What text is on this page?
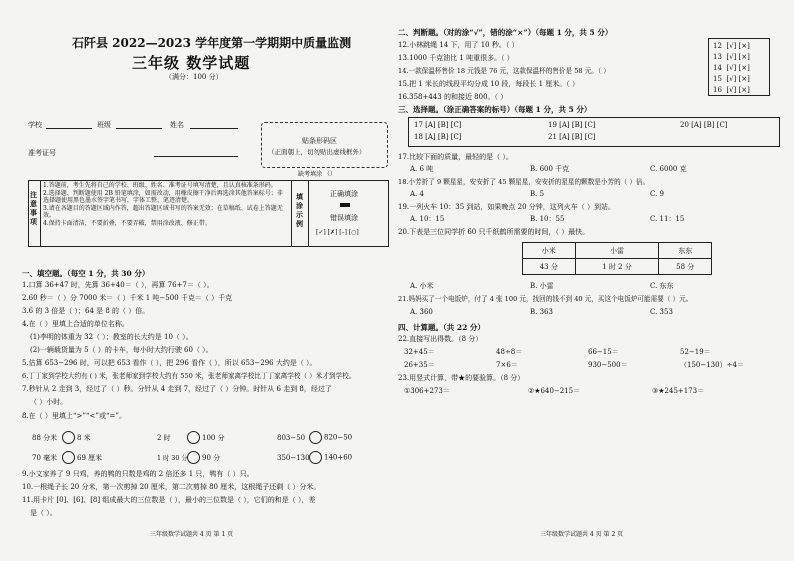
石阡县 2022—2023 学年度第一学期期中质量监测
三年级 数学试题
（满分：100 分）
学校	班级	姓名
准考证号
贴条形码区
（正面朝上，切勿贴出虚线框外）
缺考填涂 （）
注意事项
1.答题前，考生先将自己的学校、班级、姓名、准考证号填写清楚，且认真核准条形码。
2.选择题、判断题使用 2B 铅笔填涂，如需改动，用橡皮擦干净后再选涂其他答案标号；非选择题使用黑色墨水签字笔书写，字体工整、笔迹清楚。
3.请在各题目的答题区域内作答，超出答题区域书写的答案无效；在草稿纸、试卷上答题无效。
4.保持卡面清洁，不要折叠，不要弄破，禁用涂改液、修正带。
填涂示例
正确填涂
错误填涂
[✓] [✗] [–] [○]
一、填空题。（每空 1 分，共 30 分）
1.口算 36+47 时，先算 36+40＝（ ），再算 76+7＝（ ）。
2.60 秒＝（ ）分 7000 米＝（ ）千米 1 吨−500 千克＝（ ）千克
3.6 的 3 倍是（ ）；64 是 8 的（ ）倍。
4.在（ ）里填上合适的单位名称。
(1)李明的体重为 32（ ）；教室的长大约是 10（ ）。
(2)一辆载货量为 5（ ）的卡车，每小时大约行驶 60（ ）。
5.估算 653−296 时，可以把 653 看作（ ），把 296 看作（ ），所以 653−296 大约是（ ）。
6.丁丁家到学校大约有 ( ) 米，张老师家到学校大约有 550 米，张老师家离学校比丁丁家离学校（ ）米才到学校。
7.秒针从 2 走到 3，经过了（ ）秒。分针从 4 走到 7，经过了（ ）分钟。时针从 6 走到 8，经过了
（ ）小时。
8.在（ ）里填上“>”“<”或“=”。
88 分米	8 米	2 时	100 分	803−50	820−50
70 毫米	69 厘米	1 时 30 分 90 分	350−130 140+60
9.小文家养了 9 只鸡，养的鸭的只数是鸡的 2 倍还多 1 只，鸭有（ ）只。
10.一根绳子长 20 分米，第一次剪掉 20 厘米，第二次剪掉 80 厘米，这根绳子还剩（ ）分米。
11.用卡片 [0]、[6]、[8] 组成最大的三位数是（ ），最小的三位数是（ ），它们的和是（ ），差
是（ ）。
三年级数学试题共 4 页 第 1 页
二、判断题。（对的涂“√”，错的涂“×”）（每题 1 分，共 5 分）
12.小林跳绳 14 下，用了 10 秒。（ ）
13.1000 千克油比 1 吨重很多。（ ）
14.一款保温杯售价 18 元钱是 76 元，这款保温杯的售价是 58 元。（ ）
15.把 1 米长的线段平均分成 10 段，每段长 1 厘米。（ ）
16.358+443 的和接近 800。（ ）
12  [√] [×]
13  [√] [×]
14  [√] [×]
15  [√] [×]
16  [√] [×]
三、选择题。（涂正确答案的标号）（每题 1 分，共 5 分）
17 [A] [B] [C]
18 [A] [B] [C]
19 [A] [B] [C]
21 [A] [B] [C]
20 [A] [B] [C]
17.比较下面的质量，最轻的是（ ）。
A. 6 吨	B. 600 千克	C. 6000 克
18.小芳折了 9 颗星星，安安折了 45 颗星星，安安折的星星的颗数是小芳的（ ）倍。
A. 4	B. 5	C. 9
19.一列火车 10：35 到站，如果晚点 20 分钟，这列火车（ ）到站。
A. 10：15	B. 10：55	C. 11：15
20.下表是三位同学折 60 只千纸鹤所需要的时间，（ ）最快。
小米	小雷	东东
43 分	1 时 2 分	58 分
A. 小米	B. 小雷	C. 东东
21.妈妈买了一个电饭炉，付了 4 张 100 元，找回的钱不到 40 元，买这个电饭炉可能需要（ ）元。
A. 360	B. 363	C. 353
四、计算题。（共 22 分）
22.直接写出得数。（8 分）
32+45＝	48÷8＝	66−15＝	52−19＝
26+35＝	7×6＝	930−500＝	（150−130）÷4＝
23.用竖式计算，带★的要验算。（8 分）
①306+273＝	②★640−215＝	③★245+173＝
三年级数学试题共 4 页 第 2 页
